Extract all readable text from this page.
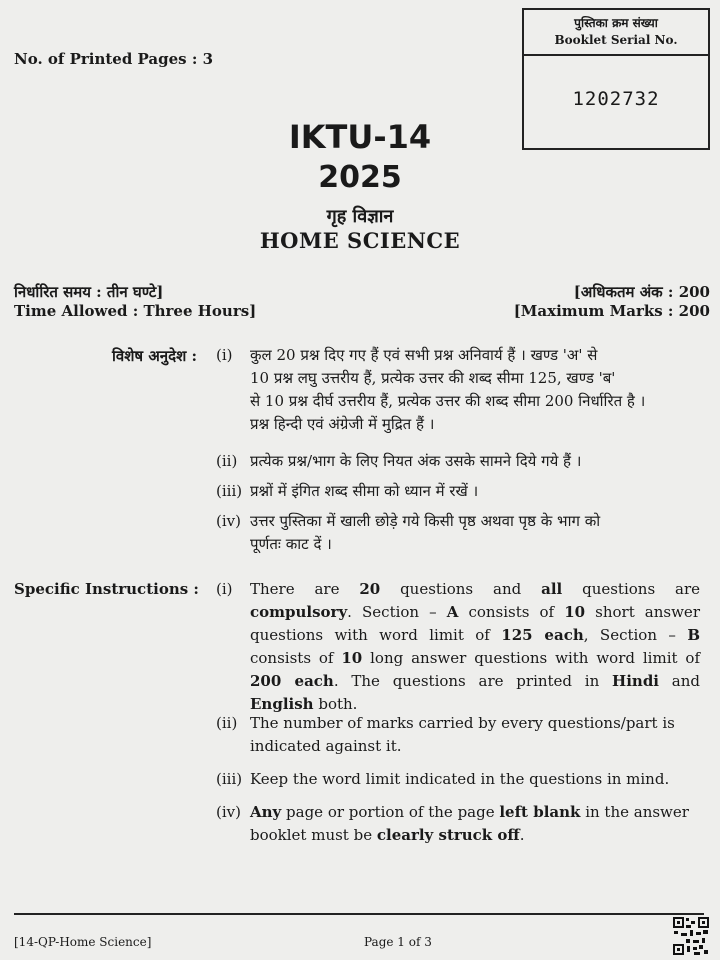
No. of Printed Pages : 3
पुस्तिका क्रम संख्या
Booklet Serial No.
1202732
IKTU-14
2025
गृह विज्ञान
HOME SCIENCE
निर्धारित समय : तीन घण्टे]	[अधिकतम अंक : 200
Time Allowed : Three Hours]	[Maximum Marks : 200
विशेष अनुदेश : (i) कुल 20 प्रश्न दिए गए हैं एवं सभी प्रश्न अनिवार्य हैं । खण्ड 'अ' से
10 प्रश्न लघु उत्तरीय हैं, प्रत्येक उत्तर की शब्द सीमा 125, खण्ड 'ब'
से 10 प्रश्न दीर्घ उत्तरीय हैं, प्रत्येक उत्तर की शब्द सीमा 200 निर्धारित है ।
प्रश्न हिन्दी एवं अंग्रेजी में मुद्रित हैं ।
(ii) प्रत्येक प्रश्न/भाग के लिए नियत अंक उसके सामने दिये गये हैं ।
(iii) प्रश्नों में इंगित शब्द सीमा को ध्यान में रखें ।
(iv) उत्तर पुस्तिका में खाली छोड़े गये किसी पृष्ठ अथवा पृष्ठ के भाग को
पूर्णतः काट दें ।
Specific Instructions : (i) There are 20 questions and all questions are compulsory. Section – A consists of 10 short answer questions with word limit of 125 each, Section – B consists of 10 long answer questions with word limit of 200 each. The questions are printed in Hindi and English both.
(ii) The number of marks carried by every questions/part is indicated against it.
(iii) Keep the word limit indicated in the questions in mind.
(iv) Any page or portion of the page left blank in the answer booklet must be clearly struck off.
[14-QP-Home Science]	Page 1 of 3
